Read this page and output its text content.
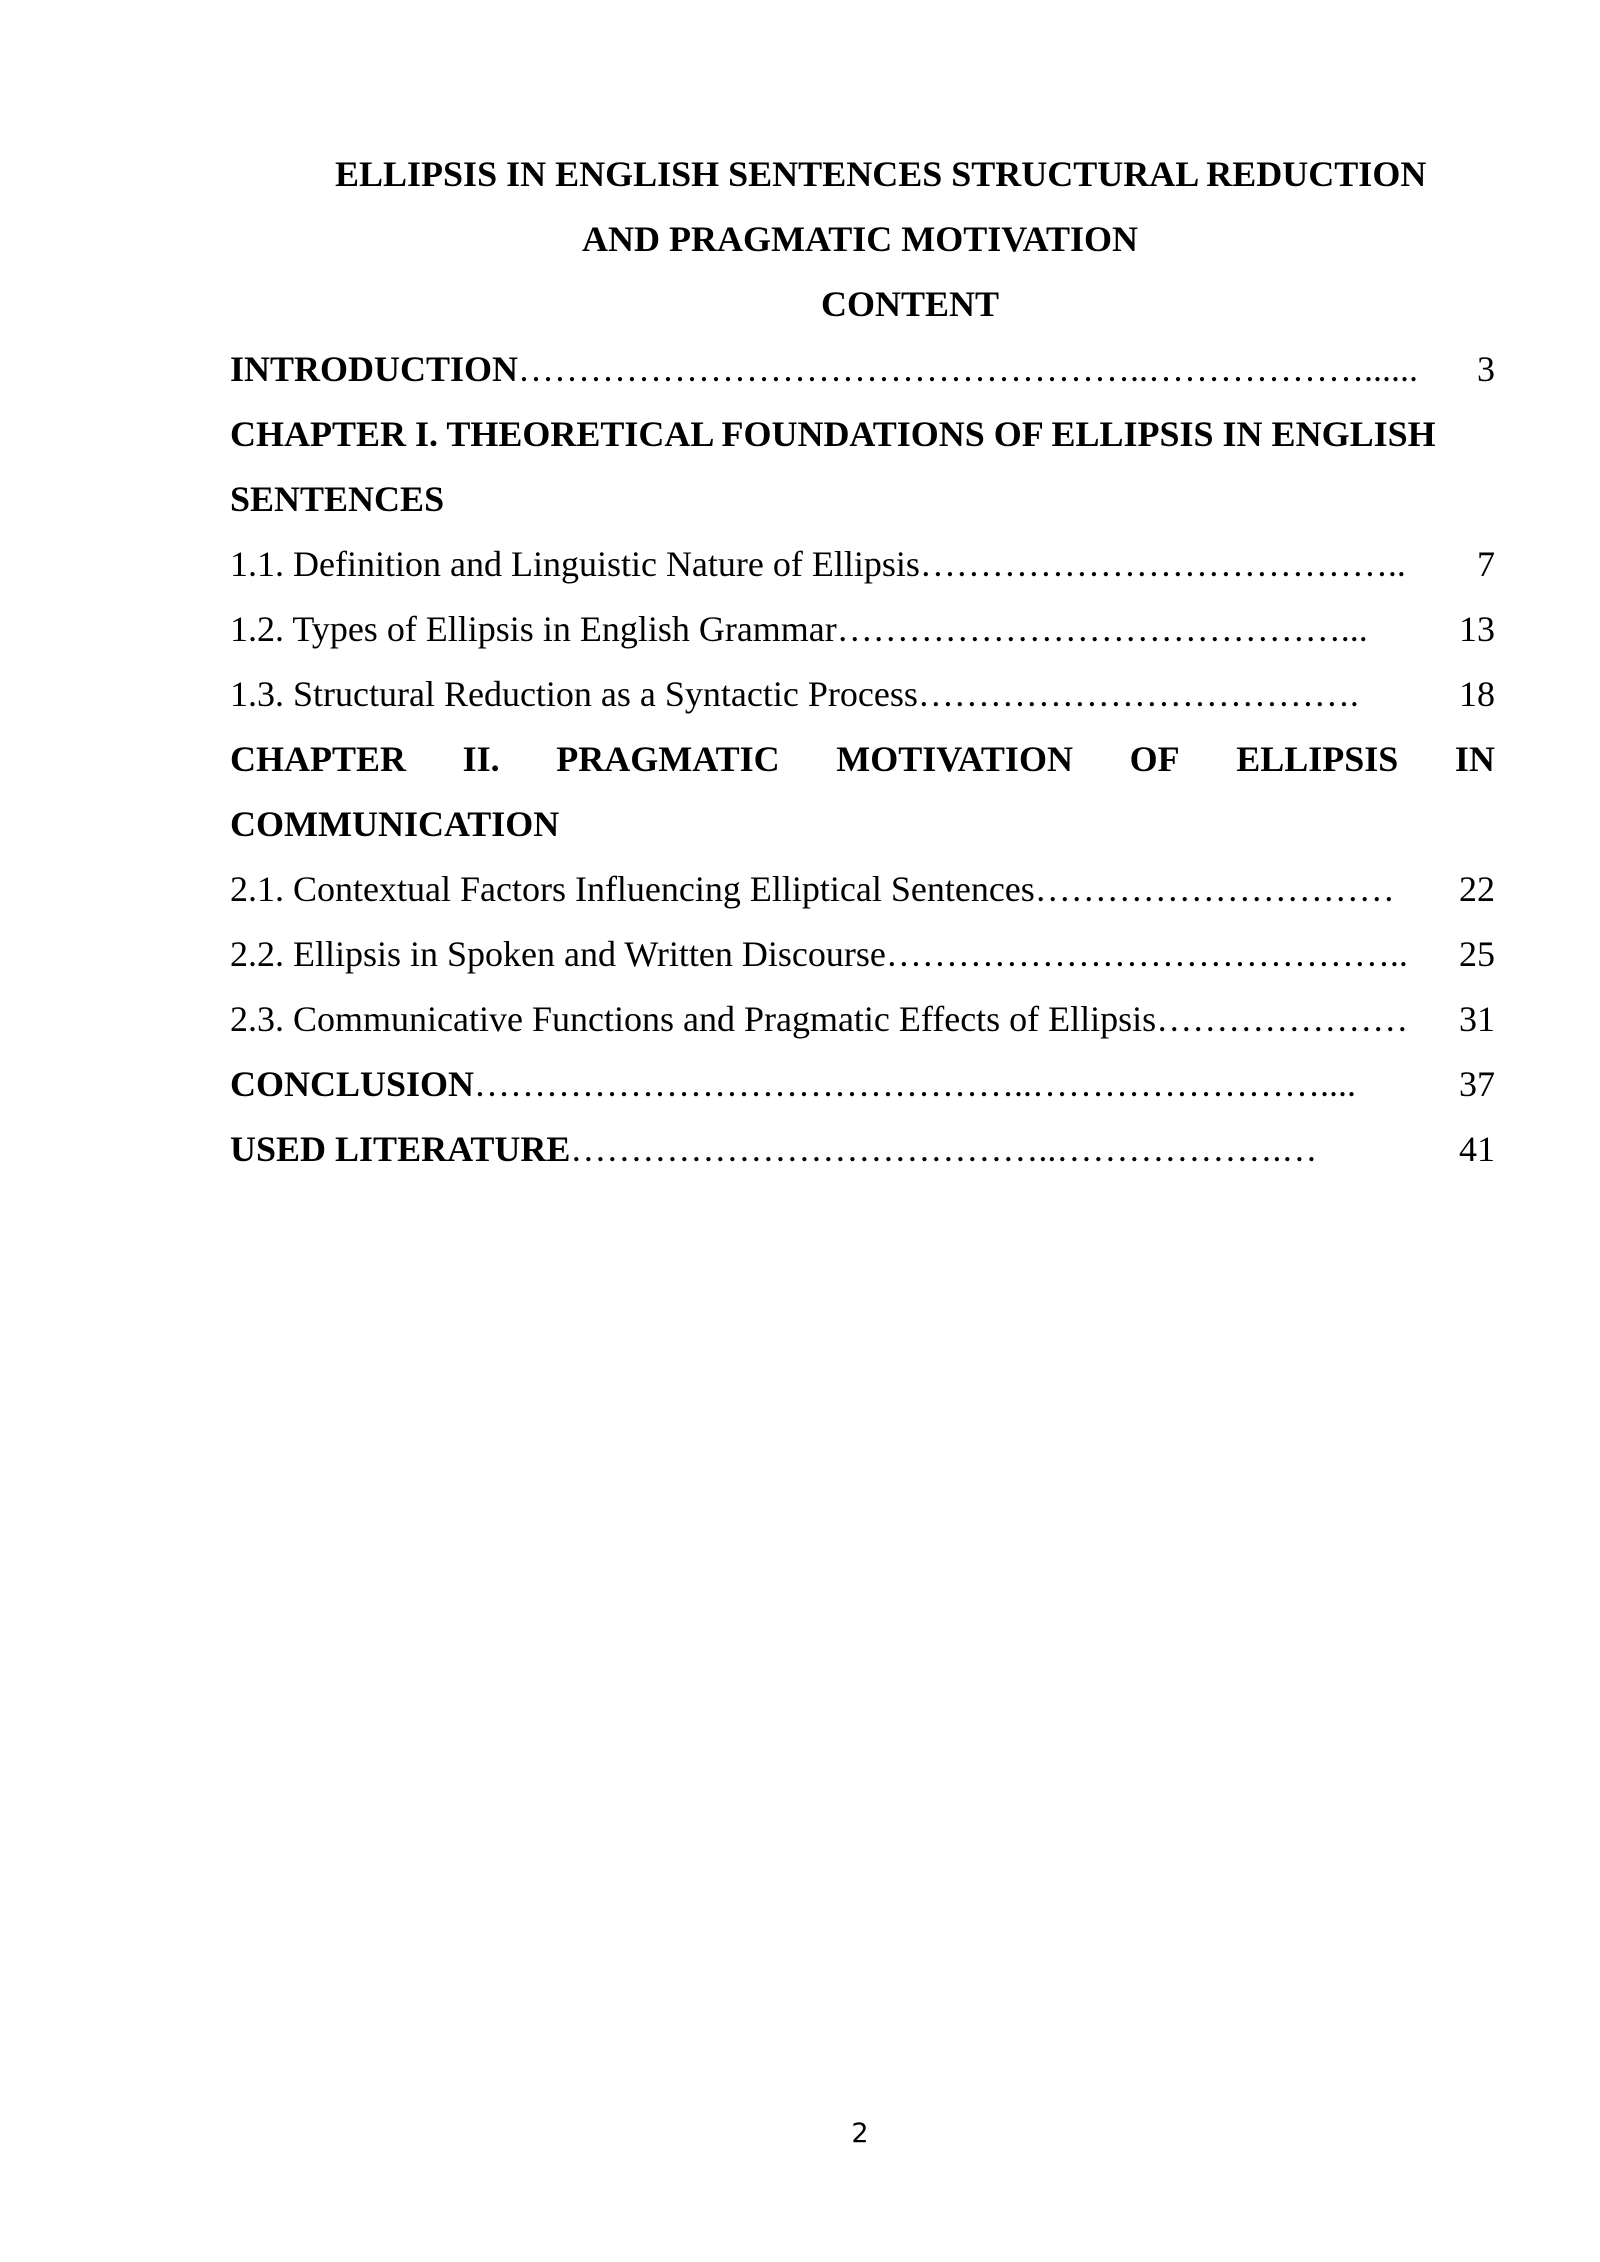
ELLIPSIS IN ENGLISH SENTENCES STRUCTURAL REDUCTION
AND PRAGMATIC MOTIVATION
CONTENT
INTRODUCTION ……………………………………………..………………......	3
CHAPTER I. THEORETICAL FOUNDATIONS OF ELLIPSIS IN ENGLISH
SENTENCES
1.1. Definition and Linguistic Nature of Ellipsis …………………………………..	7
1.2. Types of Ellipsis in English Grammar ……………………………………...	13
1.3. Structural Reduction as a Syntactic Process ……………………………….	18
CHAPTER II. PRAGMATIC MOTIVATION OF ELLIPSIS IN
COMMUNICATION
2.1. Contextual Factors Influencing Elliptical Sentences …………………………	22
2.2. Ellipsis in Spoken and Written Discourse ……………………………………..	25
2.3. Communicative Functions and Pragmatic Effects of Ellipsis …………………	31
CONCLUSION ………………………………………..……………………....	37
USED LITERATURE …………………………………..……………….…	41
2
